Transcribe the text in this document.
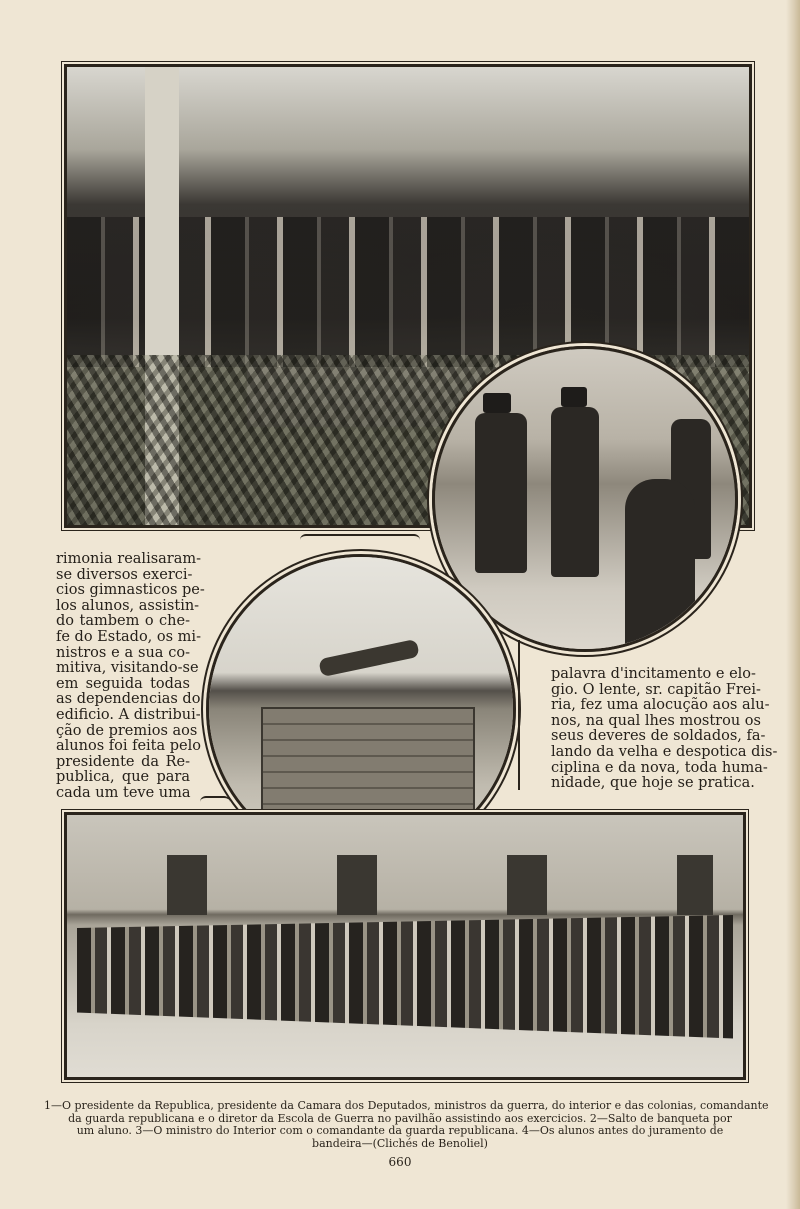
rimonia realisaram-
se diversos exerci-
cios gimnasticos pe-
los alunos, assistin-
do tambem o che-
fe do Estado, os mi-
nistros e a sua co-
mitiva, visitando-se
em seguida todas
as dependencias do
edificio. A distribui-
ção de premios aos
alunos foi feita pelo
presidente da Re-
publica, que para
cada um teve uma
palavra d'incitamento e elo-
gio. O lente, sr. capitão Frei-
ria, fez uma alocução aos alu-
nos, na qual lhes mostrou os
seus deveres de soldados, fa-
lando da velha e despotica dis-
ciplina e da nova, toda huma-
nidade, que hoje se pratica.
1—O presidente da Republica, presidente da Camara dos Deputados, ministros da guerra, do interior e das colonias, comandante
da guarda republicana e o diretor da Escola de Guerra no pavilhão assistindo aos exercicios. 2—Salto de banqueta por
um aluno. 3—O ministro do Interior com o comandante da guarda republicana. 4—Os alunos antes do juramento de
bandeira—(Clichés de Benoliel)
660
